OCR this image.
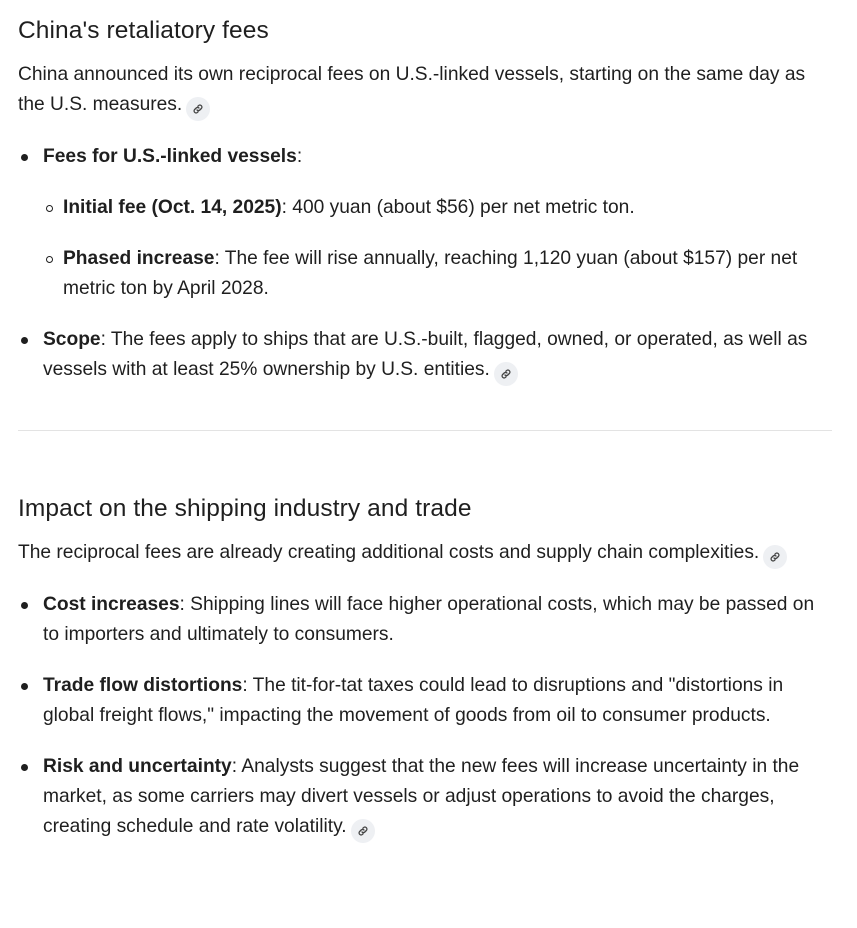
China's retaliatory fees

China announced its own reciprocal fees on U.S.-linked vessels, starting on the same day as the U.S. measures.

Fees for U.S.-linked vessels:
Initial fee (Oct. 14, 2025): 400 yuan (about $56) per net metric ton.
Phased increase: The fee will rise annually, reaching 1,120 yuan (about $157) per net metric ton by April 2028.
Scope: The fees apply to ships that are U.S.-built, flagged, owned, or operated, as well as vessels with at least 25% ownership by U.S. entities.
Impact on the shipping industry and trade

The reciprocal fees are already creating additional costs and supply chain complexities.

Cost increases: Shipping lines will face higher operational costs, which may be passed on to importers and ultimately to consumers.
Trade flow distortions: The tit-for-tat taxes could lead to disruptions and "distortions in global freight flows," impacting the movement of goods from oil to consumer products.
Risk and uncertainty: Analysts suggest that the new fees will increase uncertainty in the market, as some carriers may divert vessels or adjust operations to avoid the charges, creating schedule and rate volatility.
